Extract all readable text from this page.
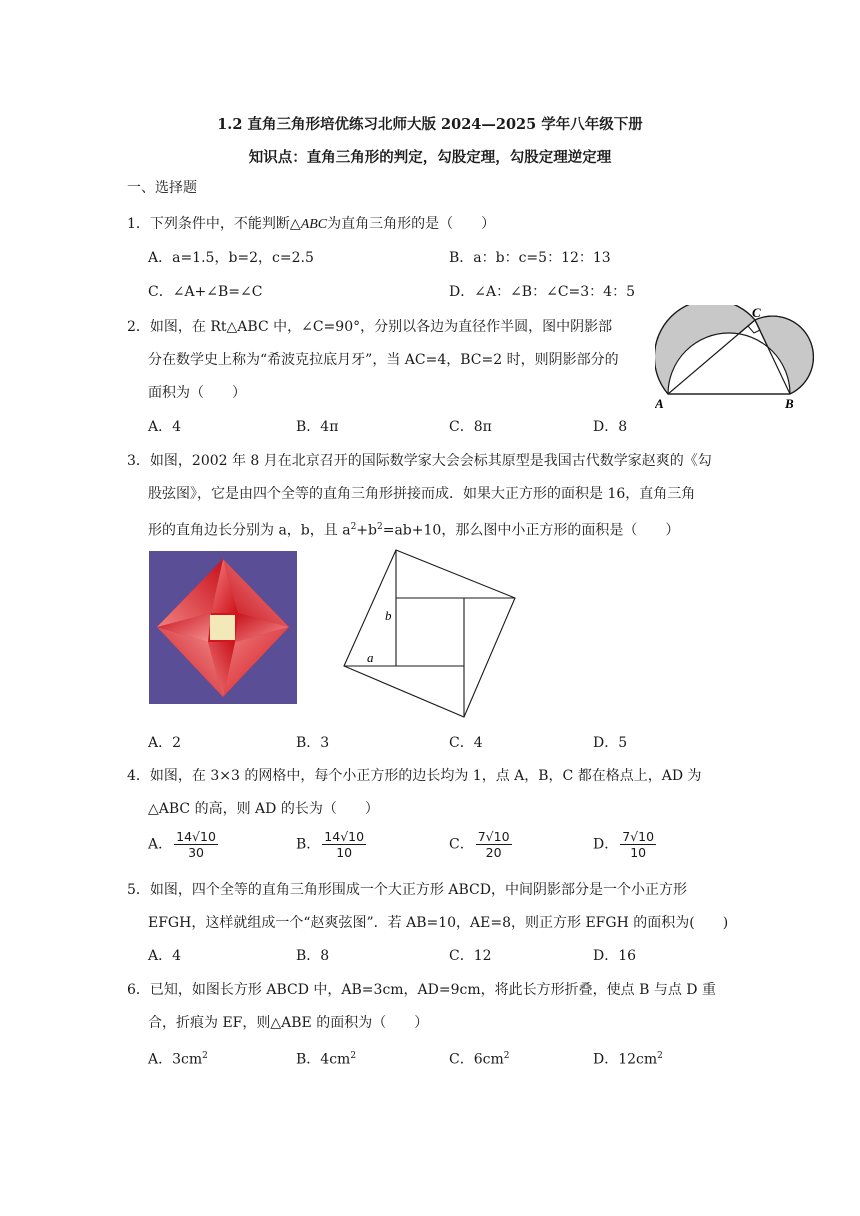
1.2 直角三角形培优练习北师大版 2024—2025 学年八年级下册
知识点：直角三角形的判定，勾股定理，勾股定理逆定理
一、选择题
1．下列条件中，不能判断△ABC为直角三角形的是（　　）
A．a=1.5，b=2，c=2.5	B．a：b：c=5：12：13
C．∠A+∠B=∠C	D．∠A：∠B：∠C=3：4：5
2．如图，在 Rt△ABC 中，∠C=90°，分别以各边为直径作半圆，图中阴影部
分在数学史上称为“希波克拉底月牙”，当 AC=4，BC=2 时，则阴影部分的
面积为（　　）
A．4	B．4π	C．8π	D．8
A	B
C
3．如图，2002 年 8 月在北京召开的国际数学家大会会标其原型是我国古代数学家赵爽的《勾
股弦图》，它是由四个全等的直角三角形拼接而成．如果大正方形的面积是 16，直角三角
形的直角边长分别为 a，b，且 $a^2+b^2=ab+10$，那么图中小正方形的面积是（　　）
b
a
A．2	B．3	C．4	D．5
4．如图，在 3×3 的网格中，每个小正方形的边长均为 1，点 A，B，C 都在格点上，AD 为
△ABC 的高，则 AD 的长为（　　）
A． $\frac{14√10}{30}$	B． $\frac{14√10}{10}$	C． $\frac{7√10}{20}$	D． $\frac{7√10}{10}$
5．如图，四个全等的直角三角形围成一个大正方形 ABCD，中间阴影部分是一个小正方形
EFGH，这样就组成一个“赵爽弦图”．若 AB=10，AE=8，则正方形 EFGH 的面积为(　　)
A．4	B．8	C．12	D．16
6．已知，如图长方形 ABCD 中，AB=3cm，AD=9cm，将此长方形折叠，使点 B 与点 D 重
合，折痕为 EF，则△ABE 的面积为（　　）
A．$3cm^2$	B．$4cm^2$	C．$6cm^2$	D．$12cm^2$
